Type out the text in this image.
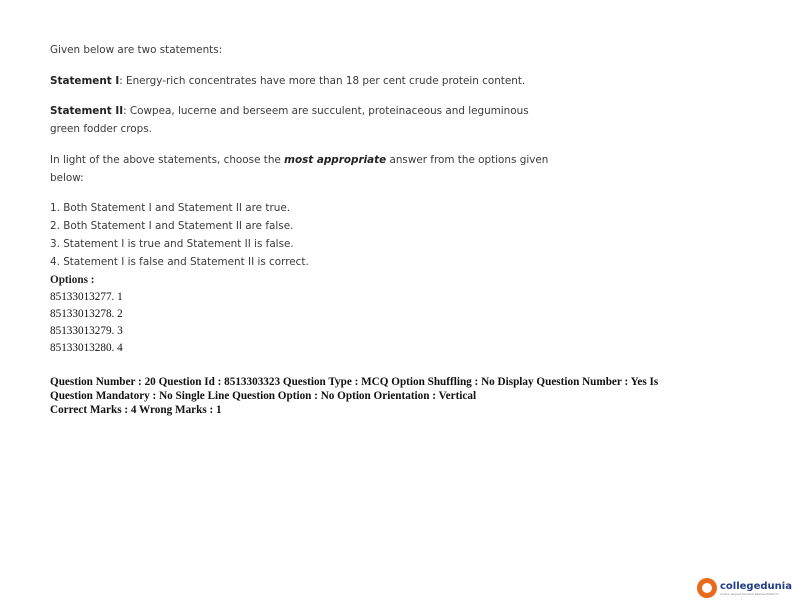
Given below are two statements:
Statement I: Energy-rich concentrates have more than 18 per cent crude protein content.
Statement II: Cowpea, lucerne and berseem are succulent, proteinaceous and leguminous
green fodder crops.
In light of the above statements, choose the most appropriate answer from the options given
below:
1. Both Statement I and Statement II are true.
2. Both Statement I and Statement II are false.
3. Statement I is true and Statement II is false.
4. Statement I is false and Statement II is correct.
Options :
85133013277. 1
85133013278. 2
85133013279. 3
85133013280. 4
Question Number : 20 Question Id : 8513303323 Question Type : MCQ Option Shuffling : No Display Question Number : Yes Is
Question Mandatory : No Single Line Question Option : No Option Orientation : Vertical
Correct Marks : 4 Wrong Marks : 1
collegedunia
India's largest Student Review Platform
